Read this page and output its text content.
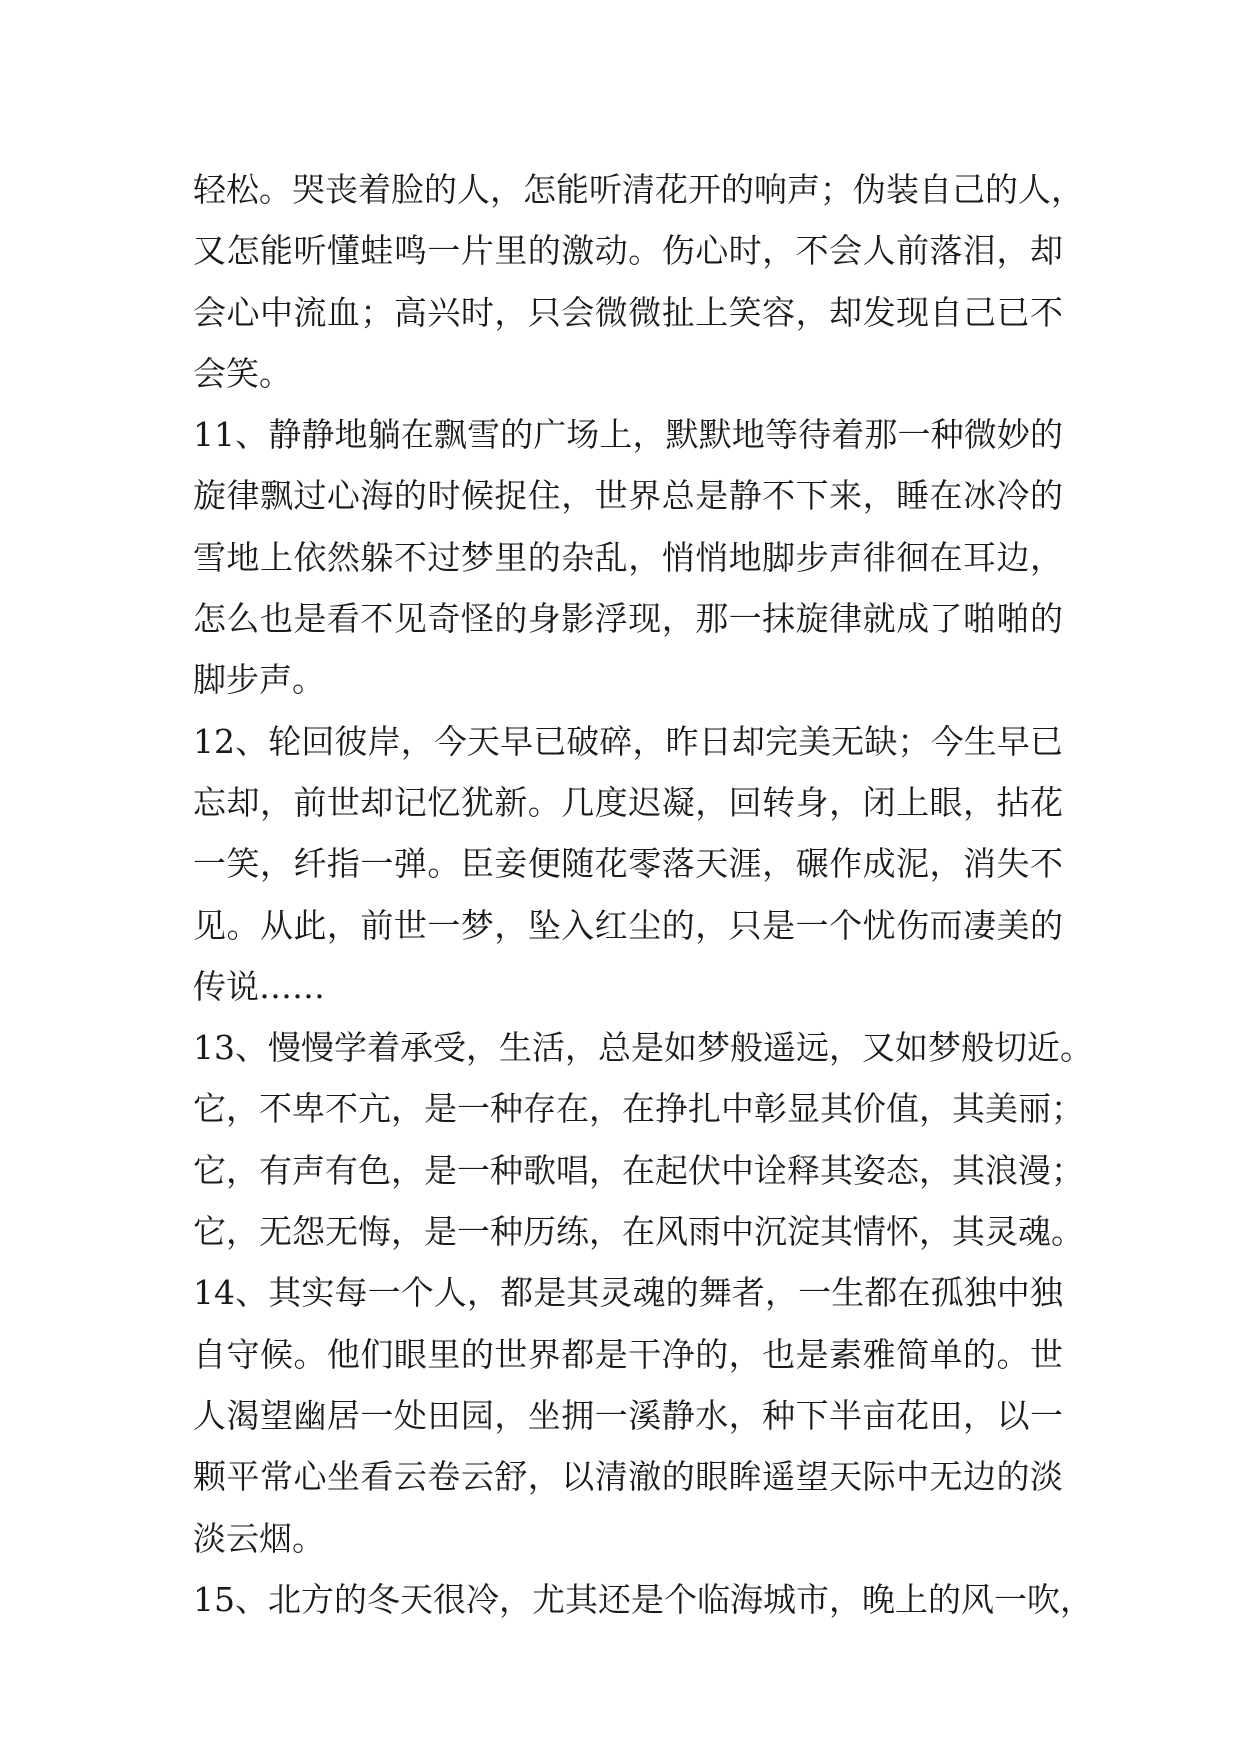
轻松。哭丧着脸的人，怎能听清花开的响声；伪装自己的人，
又怎能听懂蛙鸣一片里的激动。伤心时，不会人前落泪，却
会心中流血；高兴时，只会微微扯上笑容，却发现自己已不
会笑。
11、静静地躺在飘雪的广场上，默默地等待着那一种微妙的
旋律飘过心海的时候捉住，世界总是静不下来，睡在冰冷的
雪地上依然躲不过梦里的杂乱，悄悄地脚步声徘徊在耳边，
怎么也是看不见奇怪的身影浮现，那一抹旋律就成了啪啪的
脚步声。
12、轮回彼岸，今天早已破碎，昨日却完美无缺；今生早已
忘却，前世却记忆犹新。几度迟凝，回转身，闭上眼，拈花
一笑，纤指一弹。臣妾便随花零落天涯，碾作成泥，消失不
见。从此，前世一梦，坠入红尘的，只是一个忧伤而凄美的
传说……
13、慢慢学着承受，生活，总是如梦般遥远，又如梦般切近。
它，不卑不亢，是一种存在，在挣扎中彰显其价值，其美丽；
它，有声有色，是一种歌唱，在起伏中诠释其姿态，其浪漫；
它，无怨无悔，是一种历练，在风雨中沉淀其情怀，其灵魂。
14、其实每一个人，都是其灵魂的舞者，一生都在孤独中独
自守候。他们眼里的世界都是干净的，也是素雅简单的。世
人渴望幽居一处田园，坐拥一溪静水，种下半亩花田，以一
颗平常心坐看云卷云舒，以清澈的眼眸遥望天际中无边的淡
淡云烟。
15、北方的冬天很冷，尤其还是个临海城市，晚上的风一吹，
